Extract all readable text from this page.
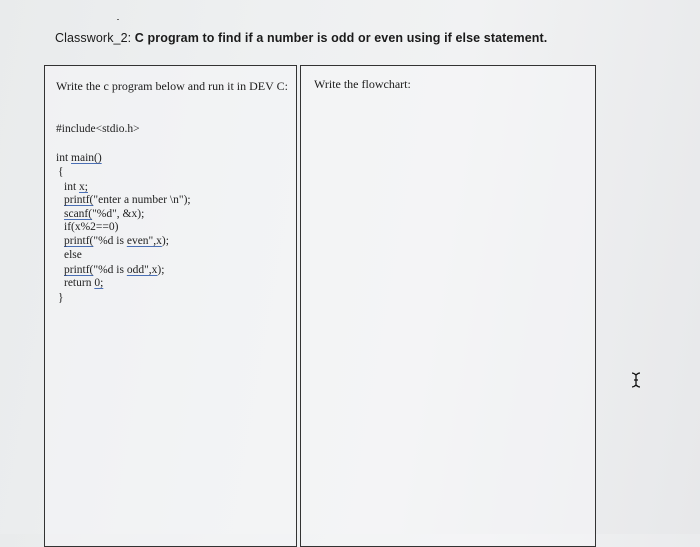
Classwork_2: C program to find if a number is odd or even using if else statement.
Write the c program below and run it in DEV C:
#include<stdio.h>
int main()
{
int x;
printf("enter a number \n");
scanf("%d", &x);
if(x%2==0)
printf("%d is even",x);
else
printf("%d is odd",x);
return 0;
}
Write the flowchart:
